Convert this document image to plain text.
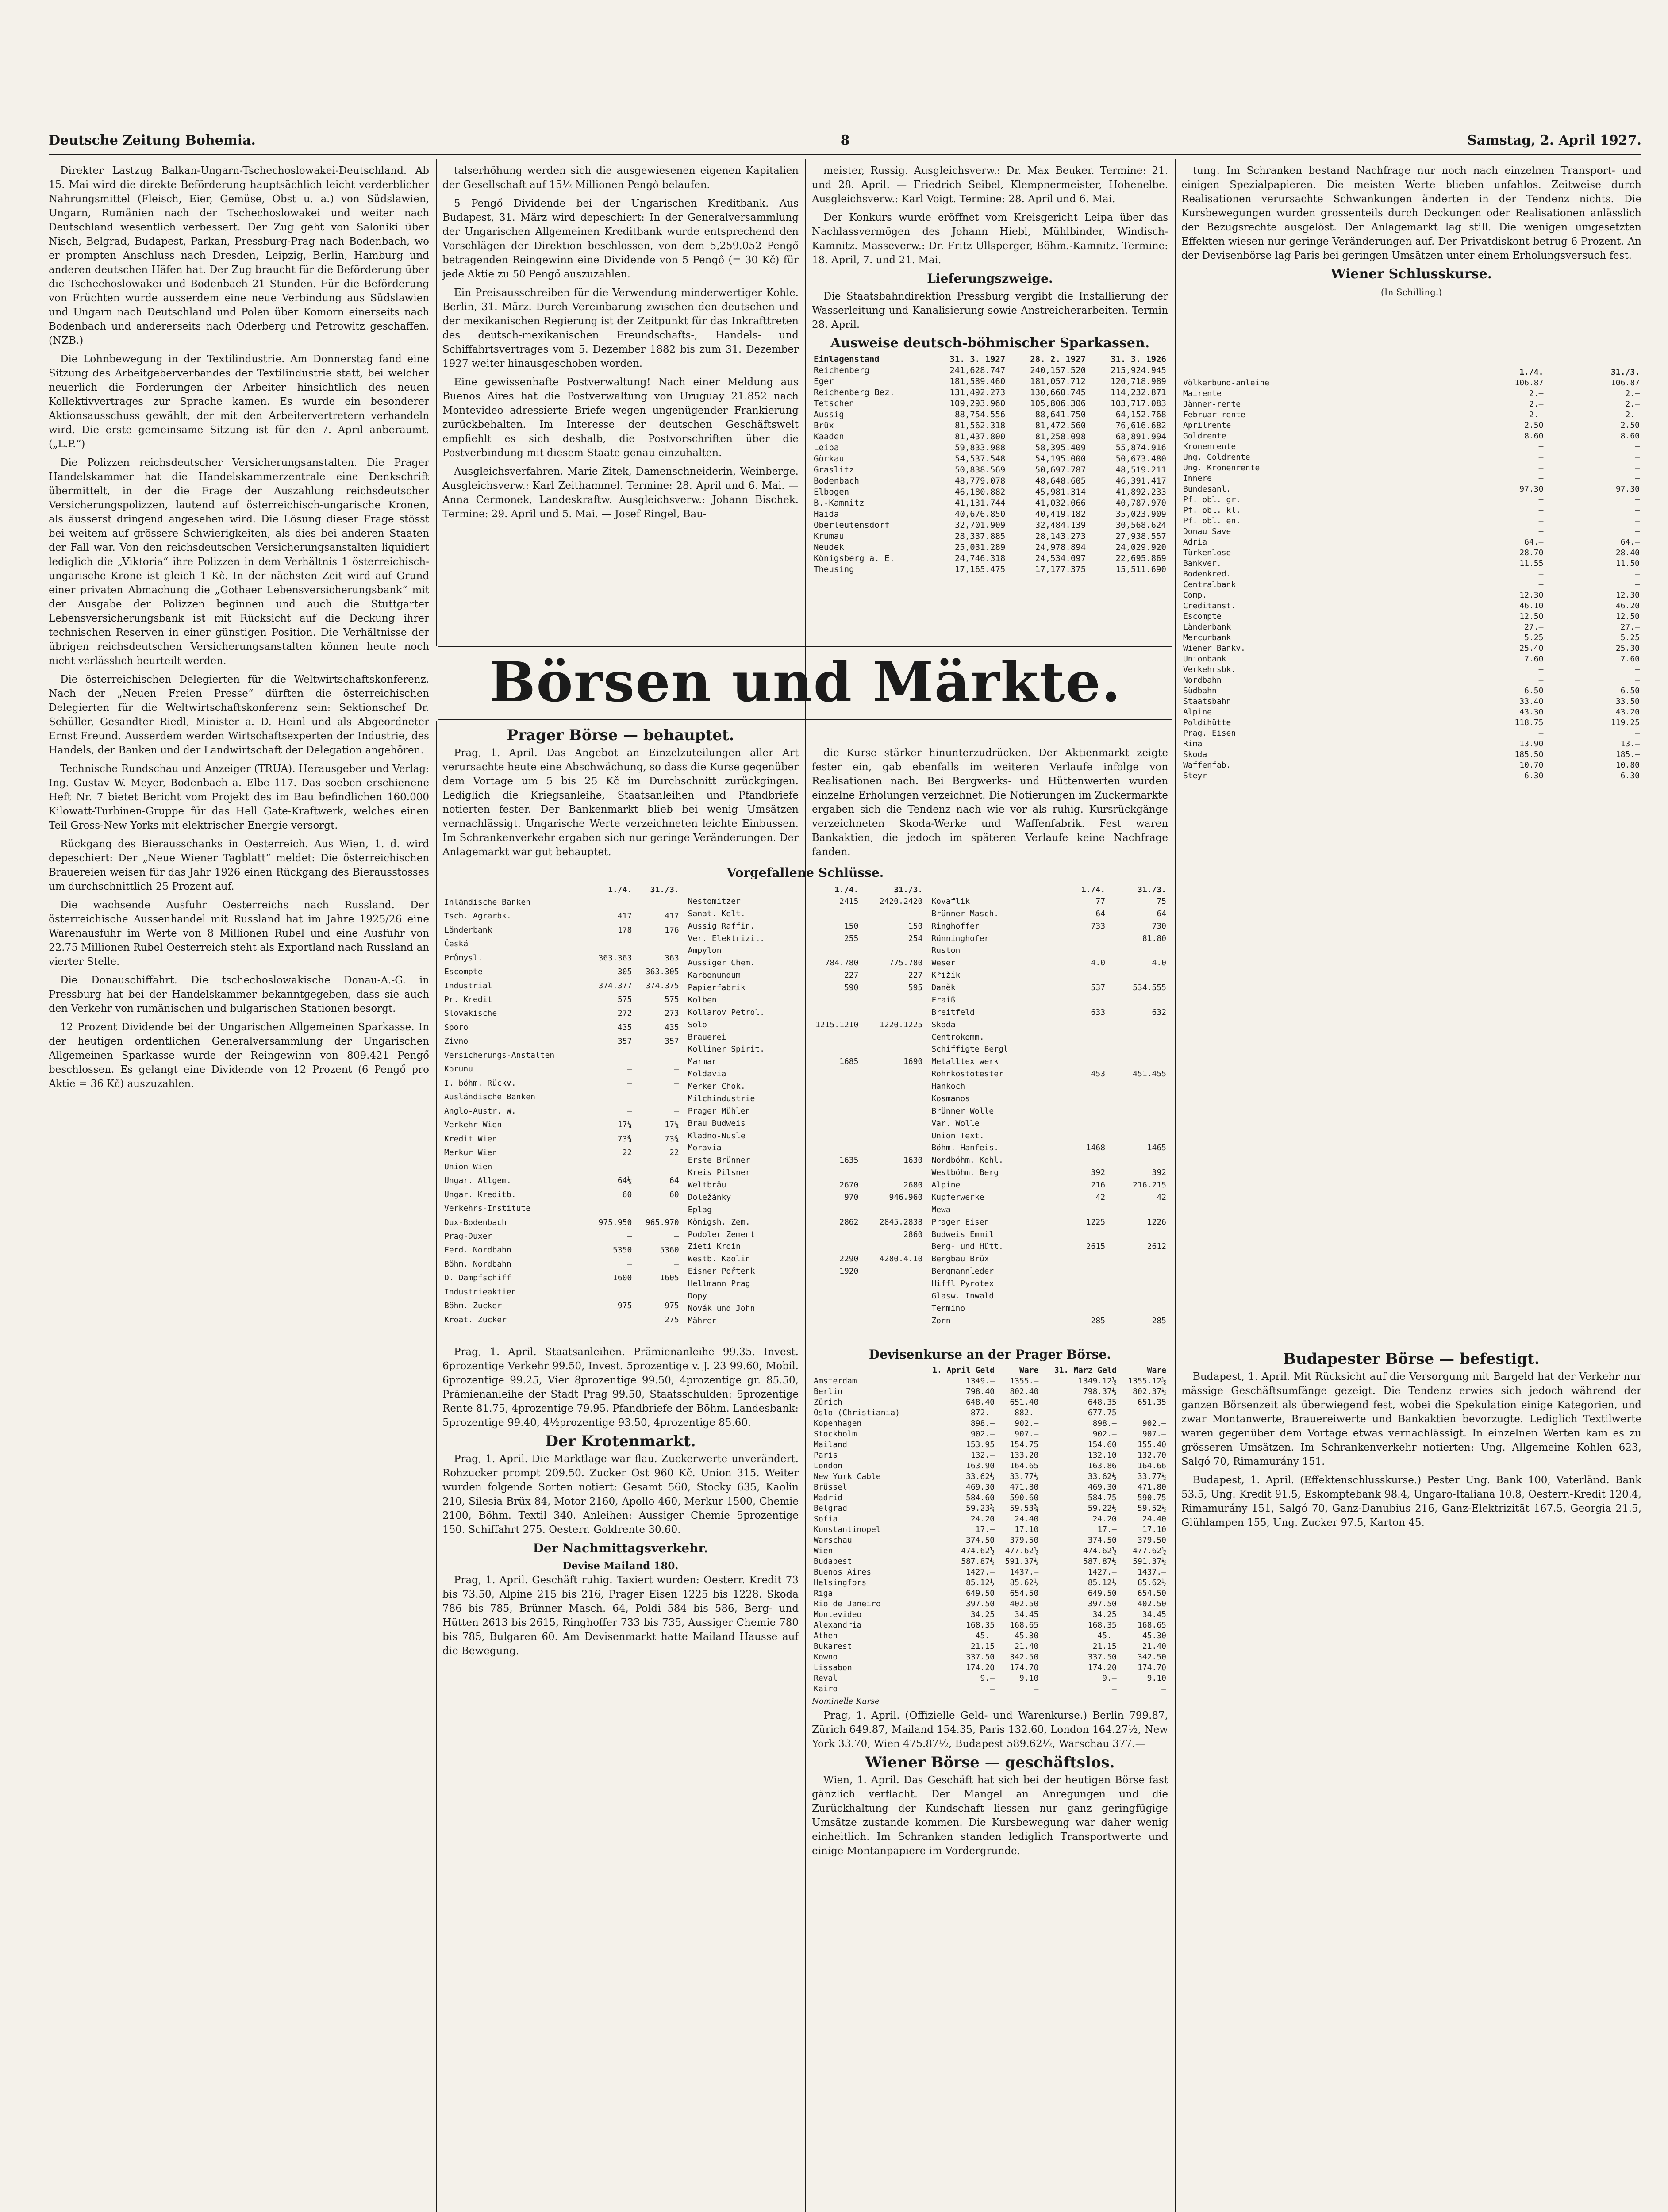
Deutsche Zeitung Bohemia.	8	Samstag, 2. April 1927.

Direkter Lastzug Balkan-Ungarn-Tschechoslowakei-Deutschland. Ab 15. Mai wird die direkte Beförderung hauptsächlich leicht verderblicher Nahrungsmittel (Fleisch, Eier, Gemüse, Obst u. a.) von Südslawien, Ungarn, Rumänien nach der Tschechoslowakei und weiter nach Deutschland wesentlich verbessert. Der Zug geht von Saloniki über Nisch, Belgrad, Budapest, Parkan, Pressburg-Prag nach Bodenbach, wo er prompten Anschluss nach Dresden, Leipzig, Berlin, Hamburg und anderen deutschen Häfen hat. Der Zug braucht für die Beförderung über die Tschechoslowakei und Bodenbach 21 Stunden. Für die Beförderung von Früchten wurde ausserdem eine neue Verbindung aus Südslawien und Ungarn nach Deutschland und Polen über Komorn einerseits nach Bodenbach und andererseits nach Oderberg und Petrowitz geschaffen. (NZB.)

Die Lohnbewegung in der Textilindustrie. Am Donnerstag fand eine Sitzung des Arbeitgeberverbandes der Textilindustrie statt, bei welcher neuerlich die Forderungen der Arbeiter hinsichtlich des neuen Kollektivvertrages zur Sprache kamen. Es wurde ein besonderer Aktionsausschuss gewählt, der mit den Arbeitervertretern verhandeln wird. Die erste gemeinsame Sitzung ist für den 7. April anberaumt. („L.P.“)

Die Polizzen reichsdeutscher Versicherungsanstalten. Die Prager Handelskammer hat die Handelskammerzentrale eine Denkschrift übermittelt, in der die Frage der Auszahlung reichsdeutscher Versicherungspolizzen, lautend auf österreichisch-ungarische Kronen, als äusserst dringend angesehen wird. Die Lösung dieser Frage stösst bei weitem auf grössere Schwierigkeiten, als dies bei anderen Staaten der Fall war. Von den reichsdeutschen Versicherungsanstalten liquidiert lediglich die „Viktoria“ ihre Polizzen in dem Verhältnis 1 österreichisch-ungarische Krone ist gleich 1 Kč. In der nächsten Zeit wird auf Grund einer privaten Abmachung die „Gothaer Lebensversicherungsbank“ mit der Ausgabe der Polizzen beginnen und auch die Stuttgarter Lebensversicherungsbank ist mit Rücksicht auf die Deckung ihrer technischen Reserven in einer günstigen Position. Die Verhältnisse der übrigen reichsdeutschen Versicherungsanstalten können heute noch nicht verlässlich beurteilt werden.

Die österreichischen Delegierten für die Weltwirtschaftskonferenz. Nach der „Neuen Freien Presse“ dürften die österreichischen Delegierten für die Weltwirtschaftskonferenz sein: Sektionschef Dr. Schüller, Gesandter Riedl, Minister a. D. Heinl und als Abgeordneter Ernst Freund. Ausserdem werden Wirtschaftsexperten der Industrie, des Handels, der Banken und der Landwirtschaft der Delegation angehören.

Technische Rundschau und Anzeiger (TRUA). Herausgeber und Verlag: Ing. Gustav W. Meyer, Bodenbach a. Elbe 117. Das soeben erschienene Heft Nr. 7 bietet Bericht vom Projekt des im Bau befindlichen 160.000 Kilowatt-Turbinen-Gruppe für das Hell Gate-Kraftwerk, welches einen Teil Gross-New Yorks mit elektrischer Energie versorgt.

Rückgang des Bierausschanks in Oesterreich. Aus Wien, 1. d. wird depeschiert: Der „Neue Wiener Tagblatt“ meldet: Die österreichischen Brauereien weisen für das Jahr 1926 einen Rückgang des Bierausstosses um durchschnittlich 25 Prozent auf.

Die wachsende Ausfuhr Oesterreichs nach Russland. Der österreichische Aussenhandel mit Russland hat im Jahre 1925/26 eine Warenausfuhr im Werte von 8 Millionen Rubel und eine Ausfuhr von 22.75 Millionen Rubel Oesterreich steht als Exportland nach Russland an vierter Stelle.

Die Donauschiffahrt. Die tschechoslowakische Donau-A.-G. in Pressburg hat bei der Handelskammer bekanntgegeben, dass sie auch den Verkehr von rumänischen und bulgarischen Stationen besorgt.

12 Prozent Dividende bei der Ungarischen Allgemeinen Sparkasse. In der heutigen ordentlichen Generalversammlung der Ungarischen Allgemeinen Sparkasse wurde der Reingewinn von 809.421 Pengő beschlossen. Es gelangt eine Dividende von 12 Prozent (6 Pengő pro Aktie = 36 Kč) auszuzahlen.

talserhöhung werden sich die ausgewiesenen eigenen Kapitalien der Gesellschaft auf 15½ Millionen Pengő belaufen.

5 Pengő Dividende bei der Ungarischen Kreditbank. Aus Budapest, 31. März wird depeschiert: In der Generalversammlung der Ungarischen Allgemeinen Kreditbank wurde entsprechend den Vorschlägen der Direktion beschlossen, von dem 5,259.052 Pengő betragenden Reingewinn eine Dividende von 5 Pengő (= 30 Kč) für jede Aktie zu 50 Pengő auszuzahlen.

Ein Preisausschreiben für die Verwendung minderwertiger Kohle. Berlin, 31. März. Durch Vereinbarung zwischen den deutschen und der mexikanischen Regierung ist der Zeitpunkt für das Inkrafttreten des deutsch-mexikanischen Freundschafts-, Handels- und Schiffahrtsvertrages vom 5. Dezember 1882 bis zum 31. Dezember 1927 weiter hinausgeschoben worden.

Eine gewissenhafte Postverwaltung! Nach einer Meldung aus Buenos Aires hat die Postverwaltung von Uruguay 21.852 nach Montevideo adressierte Briefe wegen ungenügender Frankierung zurückbehalten. Im Interesse der deutschen Geschäftswelt empfiehlt es sich deshalb, die Postvorschriften über die Postverbindung mit diesem Staate genau einzuhalten.

Ausgleichsverfahren. Marie Zitek, Damenschneiderin, Weinberge. Ausgleichsverw.: Karl Zeithammel. Termine: 28. April und 6. Mai. — Anna Cermonek, Landeskraftw. Ausgleichsverw.: Johann Bischek. Termine: 29. April und 5. Mai. — Josef Ringel, Bau-

meister, Russig. Ausgleichsverw.: Dr. Max Beuker. Termine: 21. und 28. April. — Friedrich Seibel, Klempnermeister, Hohenelbe. Ausgleichsverw.: Karl Voigt. Termine: 28. April und 6. Mai.

Der Konkurs wurde eröffnet vom Kreisgericht Leipa über das Nachlassvermögen des Johann Hiebl, Mühlbinder, Windisch-Kamnitz. Masseverw.: Dr. Fritz Ullsperger, Böhm.-Kamnitz. Termine: 18. April, 7. und 21. Mai.

Lieferungszweige.

Die Staatsbahndirektion Pressburg vergibt die Installierung der Wasserleitung und Kanalisierung sowie Anstreicherarbeiten. Termin 28. April.

Ausweise deutsch-böhmischer Sparkassen.
Einlagenstand	31. 3. 1927	28. 2. 1927	31. 3. 1926
Reichenberg	241,628.747	240,157.520	215,924.945
Eger	181,589.460	181,057.712	120,718.989
Reichenberg Bez.	131,492.273	130,660.745	114,232.871
Tetschen	109,293.960	105,806.306	103,717.083
Aussig	88,754.556	88,641.750	64,152.768
Brüx	81,562.318	81,472.560	76,616.682
Kaaden	81,437.800	81,258.098	68,891.994
Leipa	59,833.988	58,395.409	55,874.916
Görkau	54,537.548	54,195.000	50,673.480
Graslitz	50,838.569	50,697.787	48,519.211
Bodenbach	48,779.078	48,648.605	46,391.417
Elbogen	46,180.882	45,981.314	41,892.233
B.-Kamnitz	41,131.744	41,032.066	40,787.970
Haida	40,676.850	40,419.182	35,023.909
Oberleutensdorf	32,701.909	32,484.139	30,568.624
Krumau	28,337.885	28,143.273	27,938.557
Neudek	25,031.289	24,978.894	24,029.920
Königsberg a. E.	24,746.318	24,534.097	22,695.869
Theusing	17,165.475	17,177.375	15,511.690

tung. Im Schranken bestand Nachfrage nur noch nach einzelnen Transport- und einigen Spezialpapieren. Die meisten Werte blieben unfahlos. Zeitweise durch Realisationen verursachte Schwankungen änderten in der Tendenz nichts. Die Kursbewegungen wurden grossenteils durch Deckungen oder Realisationen anlässlich der Bezugsrechte ausgelöst. Der Anlagemarkt lag still. Die wenigen umgesetzten Effekten wiesen nur geringe Veränderungen auf. Der Privatdiskont betrug 6 Prozent. An der Devisenbörse lag Paris bei geringen Umsätzen unter einem Erholungsversuch fest.

Wiener Schlusskurse.
(In Schilling.)
	1./4.	31./3.
Völkerbund-anleihe	106.87	106.87
Mairente	2.—	2.—
Jänner-rente	2.—	2.—
Februar-rente	2.—	2.—
Aprilrente	2.50	2.50
Goldrente	8.60	8.60
Kronenrente	—	—
Ung. Goldrente	—	—
Ung. Kronenrente	—	—
Innere	—	—
Bundesanl.	97.30	97.30
Pf. obl. gr.	—	—
Pf. obl. kl.	—	—
Pf. obl. en.	—	—
Donau Save	—	—
Adria	64.—	64.—
Türkenlose	28.70	28.40
Bankver.	11.55	11.50
Bodenkred.	—	—
Centralbank	—	—
Comp.	12.30	12.30
Creditanst.	46.10	46.20
Escompte	12.50	12.50
Länderbank	27.—	27.—
Mercurbank	5.25	5.25
Wiener Bankv.	25.40	25.30
Unionbank	7.60	7.60
Verkehrsbk.	—	—
Nordbahn	—	—
Südbahn	6.50	6.50
Staatsbahn	33.40	33.50
Alpine	43.30	43.20
Poldihütte	118.75	119.25
Prag. Eisen	—	—
Rima	13.90	13.—
Skoda	185.50	185.—
Waffenfab.	10.70	10.80
Steyr	6.30	6.30
Budapester Börse — befestigt.

Budapest, 1. April. Mit Rücksicht auf die Versorgung mit Bargeld hat der Verkehr nur mässige Geschäftsumfänge gezeigt. Die Tendenz erwies sich jedoch während der ganzen Börsenzeit als überwiegend fest, wobei die Spekulation einige Kategorien, und zwar Montanwerte, Brauereiwerte und Bankaktien bevorzugte. Lediglich Textilwerte waren gegenüber dem Vortage etwas vernachlässigt. In einzelnen Werten kam es zu grösseren Umsätzen. Im Schrankenverkehr notierten: Ung. Allgemeine Kohlen 623, Salgó 70, Rimamurány 151.

Budapest, 1. April. (Effektenschlusskurse.) Pester Ung. Bank 100, Vaterländ. Bank 53.5, Ung. Kredit 91.5, Eskomptebank 98.4, Ungaro-Italiana 10.8, Oesterr.-Kredit 120.4, Rimamurány 151, Salgó 70, Ganz-Danubius 216, Ganz-Elektrizität 167.5, Georgia 21.5, Glühlampen 155, Ung. Zucker 97.5, Karton 45.

Börsen und Märkte.
Prager Börse — behauptet.

Prag, 1. April. Das Angebot an Einzelzuteilungen aller Art verursachte heute eine Abschwächung, so dass die Kurse gegenüber dem Vortage um 5 bis 25 Kč im Durchschnitt zurückgingen. Lediglich die Kriegsanleihe, Staatsanleihen und Pfandbriefe notierten fester. Der Bankenmarkt blieb bei wenig Umsätzen vernachlässigt. Ungarische Werte verzeichneten leichte Einbussen. Im Schrankenverkehr ergaben sich nur geringe Veränderungen. Der Anlagemarkt war gut behauptet.

die Kurse stärker hinunterzudrücken. Der Aktienmarkt zeigte fester ein, gab ebenfalls im weiteren Verlaufe infolge von Realisationen nach. Bei Bergwerks- und Hüttenwerten wurden einzelne Erholungen verzeichnet. Die Notierungen im Zuckermarkte ergaben sich die Tendenz nach wie vor als ruhig. Kursrückgänge verzeichneten Skoda-Werke und Waffenfabrik. Fest waren Bankaktien, die jedoch im späteren Verlaufe keine Nachfrage fanden.

Vorgefallene Schlüsse.
	1./4.	31./3.
Inländische Banken		
Tsch. Agrarbk.	417	417
Länderbank	178	176
Česká		
Průmysl.	363.363	363
Escompte	305	363.305
Industrial	374.377	374.375
Pr. Kredit	575	575
Slovakische	272	273
Sporo	435	435
Zivno	357	357
Versicherungs-Anstalten		
Korunu	—	—
I. böhm. Rückv.	—	—
Ausländische Banken		
Anglo-Austr. W.	—	—
Verkehr Wien	17¼	17¼
Kredit Wien	73¾	73¾
Merkur Wien	22	22
Union Wien	—	—
Ungar. Allgem.	64⅛	64
Ungar. Kreditb.	60	60
Verkehrs-Institute		
Dux-Bodenbach	975.950	965.970
Prag-Duxer	—	—
Ferd. Nordbahn	5350	5360
Böhm. Nordbahn	—	—
D. Dampfschiff	1600	1605
Industrieaktien		
Böhm. Zucker	975	975
Kroat. Zucker		275
	1./4.	31./3.
Nestomitzer	2415	2420.2420
Sanat. Kelt.		
Aussig Raffin.	150	150
Ver. Elektrizit.	255	254
Ampylon		
Aussiger Chem.	784.780	775.780
Karbonundum	227	227
Papierfabrik	590	595
Kolben		
Kollarov Petrol.		
Solo	1215.1210	1220.1225
Brauerei		
Kolliner Spirit.		
Marmar	1685	1690
Moldavia		
Merker Chok.		
Milchindustrie		
Prager Mühlen		
Brau Budweis		
Kladno-Nusle		
Moravia		
Erste Brünner	1635	1630
Kreis Pilsner		
Weltbräu	2670	2680
Doležánky	970	946.960
Eplag		
Königsh. Zem.	2862	2845.2838
Podoler Zement		2860
Zieti Kroin		
Westb. Kaolin	2290	4280.4.10
Eisner Pořtenk	1920	
Hellmann Prag		
Dopy		
Novák und John		
Mährer		
	1./4.	31./3.
Kovaflik	77	75
Brünner Masch.	64	64
Ringhoffer	733	730
Rünninghofer		81.80
Ruston		
Weser	4.0	4.0
Křižík		
Daněk	537	534.555
Fraiß		
Breitfeld	633	632
Skoda		
Centrokomm.		
Schiffigte Bergl		
Metalltex werk		
Rohrkostotester	453	451.455
Hankoch		
Kosmanos		
Brünner Wolle		
Var. Wolle		
Union Text.		
Böhm. Hanfeis.	1468	1465
Nordböhm. Kohl.		
Westböhm. Berg	392	392
Alpine	216	216.215
Kupferwerke	42	42
Mewa		
Prager Eisen	1225	1226
Budweis Emmil		
Berg- und Hütt.	2615	2612
Bergbau Brüx		
Bergmannleder		
Hiffl Pyrotex		
Glasw. Inwald		
Termino		
Zorn	285	285

Prag, 1. April. Staatsanleihen. Prämienanleihe 99.35. Invest. 6prozentige Verkehr 99.50, Invest. 5prozentige v. J. 23 99.60, Mobil. 6prozentige 99.25, Vier 8prozentige 99.50, 4prozentige gr. 85.50, Prämienanleihe der Stadt Prag 99.50, Staatsschulden: 5prozentige Rente 81.75, 4prozentige 79.95. Pfandbriefe der Böhm. Landesbank: 5prozentige 99.40, 4½prozentige 93.50, 4prozentige 85.60.

Der Krotenmarkt.

Prag, 1. April. Die Marktlage war flau. Zuckerwerte unverändert. Rohzucker prompt 209.50. Zucker Ost 960 Kč. Union 315. Weiter wurden folgende Sorten notiert: Gesamt 560, Stocky 635, Kaolin 210, Silesia Brüx 84, Motor 2160, Apollo 460, Merkur 1500, Chemie 2100, Böhm. Textil 340. Anleihen: Aussiger Chemie 5prozentige 150. Schiffahrt 275. Oesterr. Goldrente 30.60.

Der Nachmittagsverkehr.
Devise Mailand 180.

Prag, 1. April. Geschäft ruhig. Taxiert wurden: Oesterr. Kredit 73 bis 73.50, Alpine 215 bis 216, Prager Eisen 1225 bis 1228. Skoda 786 bis 785, Brünner Masch. 64, Poldi 584 bis 586, Berg- und Hütten 2613 bis 2615, Ringhoffer 733 bis 735, Aussiger Chemie 780 bis 785, Bulgaren 60. Am Devisenmarkt hatte Mailand Hausse auf die Bewegung.

Devisenkurse an der Prager Börse.
	1. April Geld	Ware	31. März Geld	Ware
Amsterdam	1349.—	1355.—	1349.12½	1355.12½
Berlin	798.40	802.40	798.37½	802.37½
Zürich	648.40	651.40	648.35	651.35
Oslo (Christiania)	872.—	882.—	677.75	—
Kopenhagen	898.—	902.—	898.—	902.—
Stockholm	902.—	907.—	902.—	907.—
Mailand	153.95	154.75	154.60	155.40
Paris	132.—	133.20	132.10	132.70
London	163.90	164.65	163.86	164.66
New York Cable	33.62½	33.77½	33.62½	33.77½
Brüssel	469.30	471.80	469.30	471.80
Madrid	584.60	590.60	584.75	590.75
Belgrad	59.23¾	59.53¾	59.22½	59.52½
Sofia	24.20	24.40	24.20	24.40
Konstantinopel	17.—	17.10	17.—	17.10
Warschau	374.50	379.50	374.50	379.50
Wien	474.62½	477.62½	474.62½	477.62½
Budapest	587.87½	591.37½	587.87½	591.37½
Buenos Aires	1427.—	1437.—	1427.—	1437.—
Helsingfors	85.12½	85.62½	85.12½	85.62½
Riga	649.50	654.50	649.50	654.50
Rio de Janeiro	397.50	402.50	397.50	402.50
Montevideo	34.25	34.45	34.25	34.45
Alexandria	168.35	168.65	168.35	168.65
Athen	45.—	45.30	45.—	45.30
Bukarest	21.15	21.40	21.15	21.40
Kowno	337.50	342.50	337.50	342.50
Lissabon	174.20	174.70	174.20	174.70
Reval	9.—	9.10	9.—	9.10
Kairo	—	—	—	—
Nominelle Kurse

Prag, 1. April. (Offizielle Geld- und Warenkurse.) Berlin 799.87, Zürich 649.87, Mailand 154.35, Paris 132.60, London 164.27½, New York 33.70, Wien 475.87½, Budapest 589.62½, Warschau 377.—

Wiener Börse — geschäftslos.

Wien, 1. April. Das Geschäft hat sich bei der heutigen Börse fast gänzlich verflacht. Der Mangel an Anregungen und die Zurückhaltung der Kundschaft liessen nur ganz geringfügige Umsätze zustande kommen. Die Kursbewegung war daher wenig einheitlich. Im Schranken standen lediglich Transportwerte und einige Montanpapiere im Vordergrunde.
